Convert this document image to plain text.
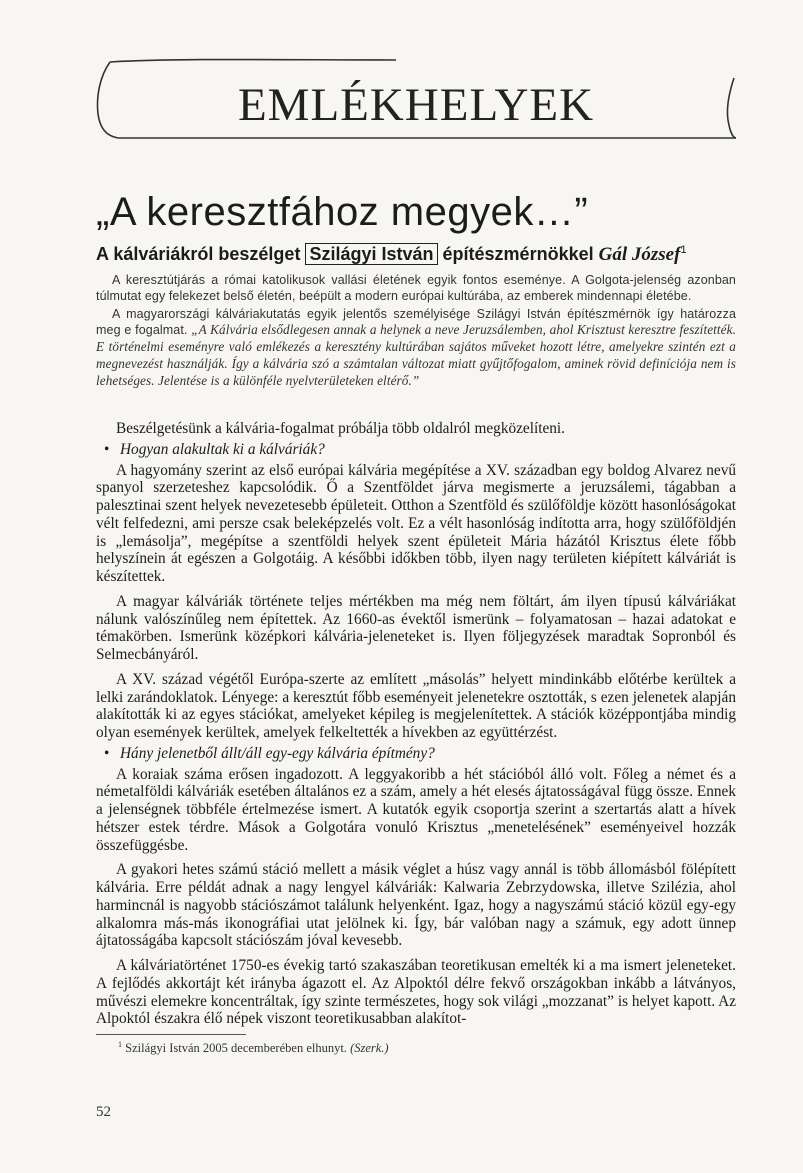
EMLÉKHELYEK
„A keresztfához megyek…”
A kálváriákról beszélget Szilágyi István építészmérnökkel Gál József$^1$

A keresztútjárás a római katolikusok vallási életének egyik fontos eseménye. A Golgota-jelenség azonban túlmutat egy felekezet belső életén, beépült a modern európai kultúrába, az emberek mindennapi életébe.

A magyarországi kálváriakutatás egyik jelentős személyisége Szilágyi István építészmérnök így határozza meg e fogalmat. „A Kálvária elsődlegesen annak a helynek a neve Jeruzsálemben, ahol Krisztust keresztre feszítették. E történelmi eseményre való emlékezés a keresztény kultúrában sajátos műveket hozott létre, amelyekre szintén ezt a megnevezést használják. Így a kálvária szó a számtalan változat miatt gyűjtőfogalom, aminek rövid definíciója nem is lehetséges. Jelentése is a különféle nyelvterületeken eltérő.”

Beszélgetésünk a kálvária-fogalmat próbálja több oldalról megközelíteni.

• Hogyan alakultak ki a kálváriák?

A hagyomány szerint az első európai kálvária megépítése a XV. században egy boldog Alvarez nevű spanyol szerzeteshez kapcsolódik. Ő a Szentföldet járva megismerte a jeruzsálemi, tágabban a palesztinai szent helyek nevezetesebb épületeit. Otthon a Szentföld és szülőföldje között hasonlóságokat vélt felfedezni, ami persze csak beleképzelés volt. Ez a vélt hasonlóság indította arra, hogy szülőföldjén is „lemásolja”, megépítse a szentföldi helyek szent épületeit Mária házától Krisztus élete főbb helyszínein át egészen a Golgotáig. A későbbi időkben több, ilyen nagy területen kiépített kálváriát is készítettek.

A magyar kálváriák története teljes mértékben ma még nem föltárt, ám ilyen típusú kálváriákat nálunk valószínűleg nem építettek. Az 1660-as évektől ismerünk – folyamatosan – hazai adatokat e témakörben. Ismerünk középkori kálvária-jeleneteket is. Ilyen följegyzések maradtak Sopronból és Selmecbányáról.

A XV. század végétől Európa-szerte az említett „másolás” helyett mindinkább előtérbe kerültek a lelki zarándoklatok. Lényege: a keresztút főbb eseményeit jelenetekre osztották, s ezen jelenetek alapján alakították ki az egyes stációkat, amelyeket képileg is megjelenítettek. A stációk középpontjába mindig olyan események kerültek, amelyek felkeltették a hívekben az együttérzést.

• Hány jelenetből állt/áll egy-egy kálvária építmény?

A koraiak száma erősen ingadozott. A leggyakoribb a hét stációból álló volt. Főleg a német és a németalföldi kálváriák esetében általános ez a szám, amely a hét elesés ájtatosságával függ össze. Ennek a jelenségnek többféle értelmezése ismert. A kutatók egyik csoportja szerint a szertartás alatt a hívek hétszer estek térdre. Mások a Golgotára vonuló Krisztus „menetelésének” eseményeivel hozzák összefüggésbe.

A gyakori hetes számú stáció mellett a másik véglet a húsz vagy annál is több állomásból fölépített kálvária. Erre példát adnak a nagy lengyel kálváriák: Kalwaria Zebrzydowska, illetve Szilézia, ahol harmincnál is nagyobb stációszámot találunk helyenként. Igaz, hogy a nagyszámú stáció közül egy-egy alkalomra más-más ikonográfiai utat jelölnek ki. Így, bár valóban nagy a számuk, egy adott ünnep ájtatosságába kapcsolt stációszám jóval kevesebb.

A kálváriatörténet 1750-es évekig tartó szakaszában teoretikusan emelték ki a ma ismert jeleneteket. A fejlődés akkortájt két irányba ágazott el. Az Alpoktól délre fekvő országokban inkább a látványos, művészi elemekre koncentráltak, így szinte természetes, hogy sok világi „mozzanat” is helyet kapott. Az Alpoktól északra élő népek viszont teoretikusabban alakítot-

$^1$ Szilágyi István 2005 decemberében elhunyt. (Szerk.)
52
